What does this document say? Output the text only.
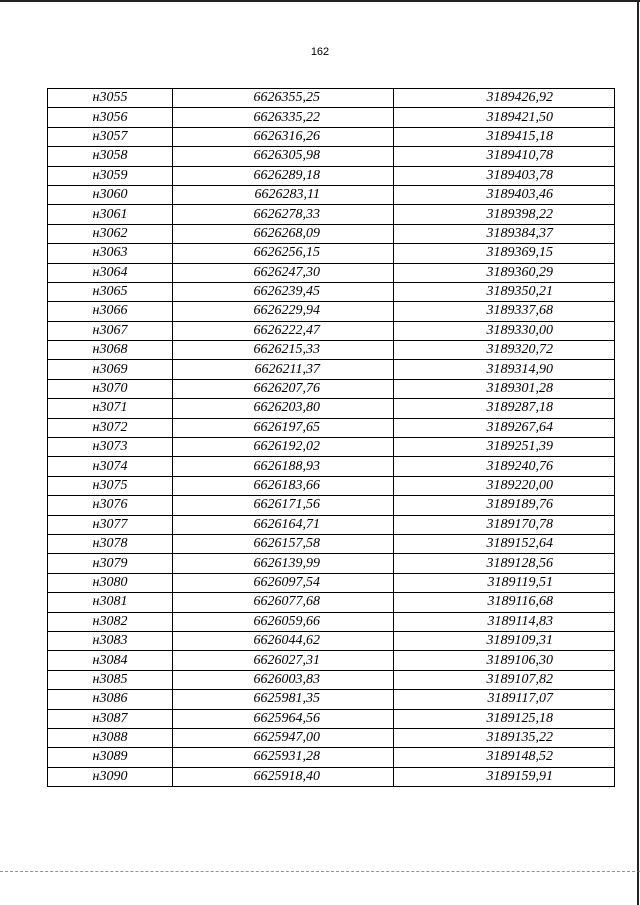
162
н3055	6626355,25	3189426,92
н3056	6626335,22	3189421,50
н3057	6626316,26	3189415,18
н3058	6626305,98	3189410,78
н3059	6626289,18	3189403,78
н3060	6626283,11	3189403,46
н3061	6626278,33	3189398,22
н3062	6626268,09	3189384,37
н3063	6626256,15	3189369,15
н3064	6626247,30	3189360,29
н3065	6626239,45	3189350,21
н3066	6626229,94	3189337,68
н3067	6626222,47	3189330,00
н3068	6626215,33	3189320,72
н3069	6626211,37	3189314,90
н3070	6626207,76	3189301,28
н3071	6626203,80	3189287,18
н3072	6626197,65	3189267,64
н3073	6626192,02	3189251,39
н3074	6626188,93	3189240,76
н3075	6626183,66	3189220,00
н3076	6626171,56	3189189,76
н3077	6626164,71	3189170,78
н3078	6626157,58	3189152,64
н3079	6626139,99	3189128,56
н3080	6626097,54	3189119,51
н3081	6626077,68	3189116,68
н3082	6626059,66	3189114,83
н3083	6626044,62	3189109,31
н3084	6626027,31	3189106,30
н3085	6626003,83	3189107,82
н3086	6625981,35	3189117,07
н3087	6625964,56	3189125,18
н3088	6625947,00	3189135,22
н3089	6625931,28	3189148,52
н3090	6625918,40	3189159,91
